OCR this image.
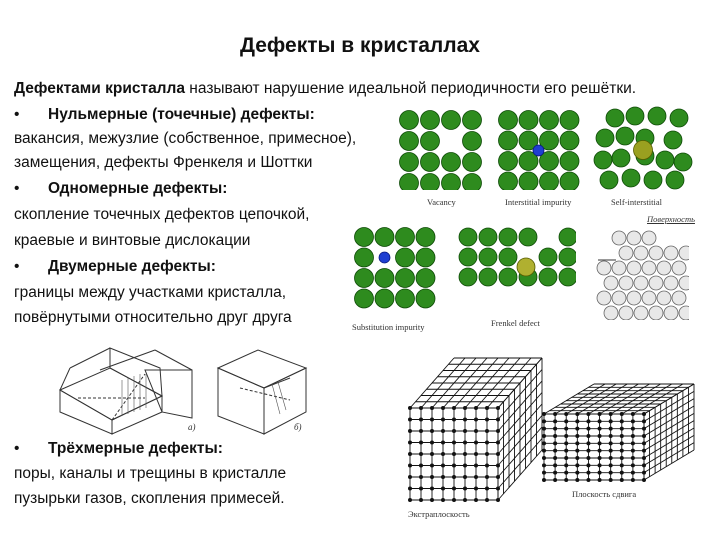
Дефекты в кристаллах
Дефектами кристалла называют нарушение идеальной периодичности его решётки.
• Нульмерные (точечные) дефекты:
вакансия, межузлие (собственное, примесное),
замещения, дефекты Френкеля и Шоттки
• Одномерные дефекты:
скопление точечных дефектов цепочкой,
краевые и винтовые дислокации
• Двумерные дефекты:
границы между участками кристалла,
повёрнутыми относительно друг друга
• Трёхмерные дефекты:
поры, каналы и трещины в кристалле
пузырьки газов, скопления примесей.
Vacancy	Interstitial impurity	Self-interstitial
Substitution impurity	Frenkel defect
Поверхность
а)	б)
Экстраплоскость
Плоскость сдвига
